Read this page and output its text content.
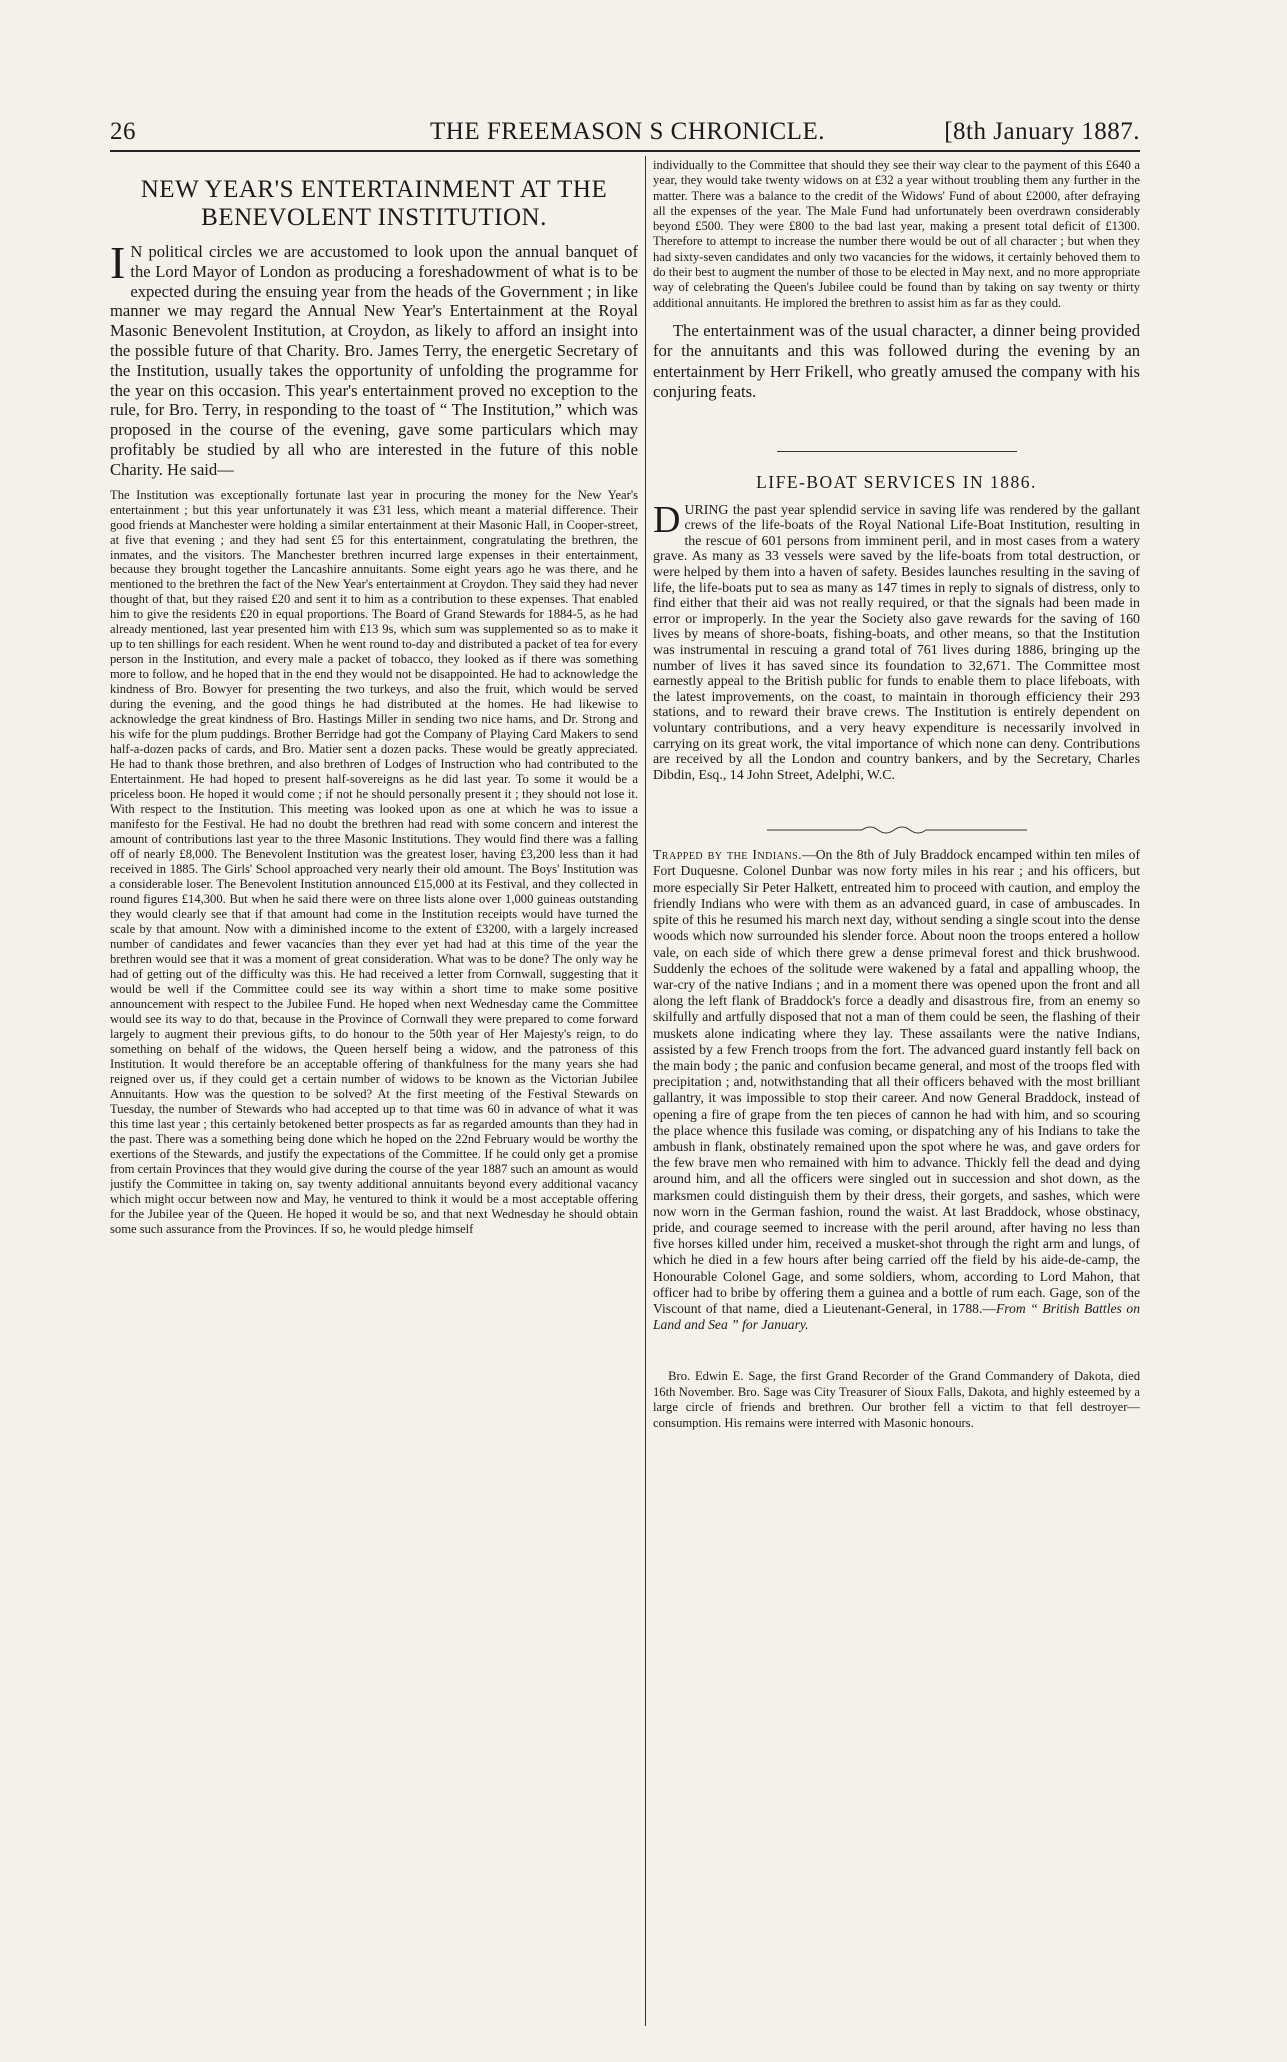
26	THE FREEMASON S CHRONICLE.	[8th January 1887.
NEW YEAR'S ENTERTAINMENT AT THE BENEVOLENT INSTITUTION.

I N political circles we are accustomed to look upon the annual banquet of the Lord Mayor of London as producing a foreshadowment of what is to be expected during the ensuing year from the heads of the Government ; in like manner we may regard the Annual New Year's Entertainment at the Royal Masonic Benevolent Institution, at Croydon, as likely to afford an insight into the possible future of that Charity. Bro. James Terry, the energetic Secretary of the Institution, usually takes the opportunity of unfolding the programme for the year on this occasion. This year's entertainment proved no exception to the rule, for Bro. Terry, in responding to the toast of “ The Institution,” which was proposed in the course of the evening, gave some particulars which may profitably be studied by all who are interested in the future of this noble Charity. He said—

The Institution was exceptionally fortunate last year in procuring the money for the New Year's entertainment ; but this year unfortunately it was £31 less, which meant a material difference. Their good friends at Manchester were holding a similar entertainment at their Masonic Hall, in Cooper-street, at five that evening ; and they had sent £5 for this entertainment, congratulating the brethren, the inmates, and the visitors. The Manchester brethren incurred large expenses in their entertainment, because they brought together the Lancashire annuitants. Some eight years ago he was there, and he mentioned to the brethren the fact of the New Year's entertainment at Croydon. They said they had never thought of that, but they raised £20 and sent it to him as a contribution to these expenses. That enabled him to give the residents £20 in equal proportions. The Board of Grand Stewards for 1884-5, as he had already mentioned, last year presented him with £13 9s, which sum was supplemented so as to make it up to ten shillings for each resident. When he went round to-day and distributed a packet of tea for every person in the Institution, and every male a packet of tobacco, they looked as if there was something more to follow, and he hoped that in the end they would not be disappointed. He had to acknowledge the kindness of Bro. Bowyer for presenting the two turkeys, and also the fruit, which would be served during the evening, and the good things he had distributed at the homes. He had likewise to acknowledge the great kindness of Bro. Hastings Miller in sending two nice hams, and Dr. Strong and his wife for the plum puddings. Brother Berridge had got the Company of Playing Card Makers to send half-a-dozen packs of cards, and Bro. Matier sent a dozen packs. These would be greatly appreciated. He had to thank those brethren, and also brethren of Lodges of Instruction who had contributed to the Entertainment. He had hoped to present half-sovereigns as he did last year. To some it would be a priceless boon. He hoped it would come ; if not he should personally present it ; they should not lose it. With respect to the Institution. This meeting was looked upon as one at which he was to issue a manifesto for the Festival. He had no doubt the brethren had read with some concern and interest the amount of contributions last year to the three Masonic Institutions. They would find there was a falling off of nearly £8,000. The Benevolent Institution was the greatest loser, having £3,200 less than it had received in 1885. The Girls' School approached very nearly their old amount. The Boys' Institution was a considerable loser. The Benevolent Institution announced £15,000 at its Festival, and they collected in round figures £14,300. But when he said there were on three lists alone over 1,000 guineas outstanding they would clearly see that if that amount had come in the Institution receipts would have turned the scale by that amount. Now with a diminished income to the extent of £3200, with a largely increased number of candidates and fewer vacancies than they ever yet had had at this time of the year the brethren would see that it was a moment of great consideration. What was to be done? The only way he had of getting out of the difficulty was this. He had received a letter from Cornwall, suggesting that it would be well if the Committee could see its way within a short time to make some positive announcement with respect to the Jubilee Fund. He hoped when next Wednesday came the Committee would see its way to do that, because in the Province of Cornwall they were prepared to come forward largely to augment their previous gifts, to do honour to the 50th year of Her Majesty's reign, to do something on behalf of the widows, the Queen herself being a widow, and the patroness of this Institution. It would therefore be an acceptable offering of thankfulness for the many years she had reigned over us, if they could get a certain number of widows to be known as the Victorian Jubilee Annuitants. How was the question to be solved? At the first meeting of the Festival Stewards on Tuesday, the number of Stewards who had accepted up to that time was 60 in advance of what it was this time last year ; this certainly betokened better prospects as far as regarded amounts than they had in the past. There was a something being done which he hoped on the 22nd February would be worthy the exertions of the Stewards, and justify the expectations of the Committee. If he could only get a promise from certain Provinces that they would give during the course of the year 1887 such an amount as would justify the Committee in taking on, say twenty additional annuitants beyond every additional vacancy which might occur between now and May, he ventured to think it would be a most acceptable offering for the Jubilee year of the Queen. He hoped it would be so, and that next Wednesday he should obtain some such assurance from the Provinces. If so, he would pledge himself

individually to the Committee that should they see their way clear to the payment of this £640 a year, they would take twenty widows on at £32 a year without troubling them any further in the matter. There was a balance to the credit of the Widows' Fund of about £2000, after defraying all the expenses of the year. The Male Fund had unfortunately been overdrawn considerably beyond £500. They were £800 to the bad last year, making a present total deficit of £1300. Therefore to attempt to increase the number there would be out of all character ; but when they had sixty-seven candidates and only two vacancies for the widows, it certainly behoved them to do their best to augment the number of those to be elected in May next, and no more appropriate way of celebrating the Queen's Jubilee could be found than by taking on say twenty or thirty additional annuitants. He implored the brethren to assist him as far as they could.

The entertainment was of the usual character, a dinner being provided for the annuitants and this was followed during the evening by an entertainment by Herr Frikell, who greatly amused the company with his conjuring feats.

LIFE-BOAT SERVICES IN 1886.

DURING the past year splendid service in saving life was rendered by the gallant crews of the life-boats of the Royal National Life-Boat Institution, resulting in the rescue of 601 persons from imminent peril, and in most cases from a watery grave. As many as 33 vessels were saved by the life-boats from total destruction, or were helped by them into a haven of safety. Besides launches resulting in the saving of life, the life-boats put to sea as many as 147 times in reply to signals of distress, only to find either that their aid was not really required, or that the signals had been made in error or improperly. In the year the Society also gave rewards for the saving of 160 lives by means of shore-boats, fishing-boats, and other means, so that the Institution was instrumental in rescuing a grand total of 761 lives during 1886, bringing up the number of lives it has saved since its foundation to 32,671. The Committee most earnestly appeal to the British public for funds to enable them to place lifeboats, with the latest improvements, on the coast, to maintain in thorough efficiency their 293 stations, and to reward their brave crews. The Institution is entirely dependent on voluntary contributions, and a very heavy expenditure is necessarily involved in carrying on its great work, the vital importance of which none can deny. Contributions are received by all the London and country bankers, and by the Secretary, Charles Dibdin, Esq., 14 John Street, Adelphi, W.C.

Trapped by the Indians.—On the 8th of July Braddock encamped within ten miles of Fort Duquesne. Colonel Dunbar was now forty miles in his rear ; and his officers, but more especially Sir Peter Halkett, entreated him to proceed with caution, and employ the friendly Indians who were with them as an advanced guard, in case of ambuscades. In spite of this he resumed his march next day, without sending a single scout into the dense woods which now surrounded his slender force. About noon the troops entered a hollow vale, on each side of which there grew a dense primeval forest and thick brushwood. Suddenly the echoes of the solitude were wakened by a fatal and appalling whoop, the war-cry of the native Indians ; and in a moment there was opened upon the front and all along the left flank of Braddock's force a deadly and disastrous fire, from an enemy so skilfully and artfully disposed that not a man of them could be seen, the flashing of their muskets alone indicating where they lay. These assailants were the native Indians, assisted by a few French troops from the fort. The advanced guard instantly fell back on the main body ; the panic and confusion became general, and most of the troops fled with precipitation ; and, notwithstanding that all their officers behaved with the most brilliant gallantry, it was impossible to stop their career. And now General Braddock, instead of opening a fire of grape from the ten pieces of cannon he had with him, and so scouring the place whence this fusilade was coming, or dispatching any of his Indians to take the ambush in flank, obstinately remained upon the spot where he was, and gave orders for the few brave men who remained with him to advance. Thickly fell the dead and dying around him, and all the officers were singled out in succession and shot down, as the marksmen could distinguish them by their dress, their gorgets, and sashes, which were now worn in the German fashion, round the waist. At last Braddock, whose obstinacy, pride, and courage seemed to increase with the peril around, after having no less than five horses killed under him, received a musket-shot through the right arm and lungs, of which he died in a few hours after being carried off the field by his aide-de-camp, the Honourable Colonel Gage, and some soldiers, whom, according to Lord Mahon, that officer had to bribe by offering them a guinea and a bottle of rum each. Gage, son of the Viscount of that name, died a Lieutenant-General, in 1788.—From “ British Battles on Land and Sea ” for January.

Bro. Edwin E. Sage, the first Grand Recorder of the Grand Commandery of Dakota, died 16th November. Bro. Sage was City Treasurer of Sioux Falls, Dakota, and highly esteemed by a large circle of friends and brethren. Our brother fell a victim to that fell destroyer—consumption. His remains were interred with Masonic honours.
